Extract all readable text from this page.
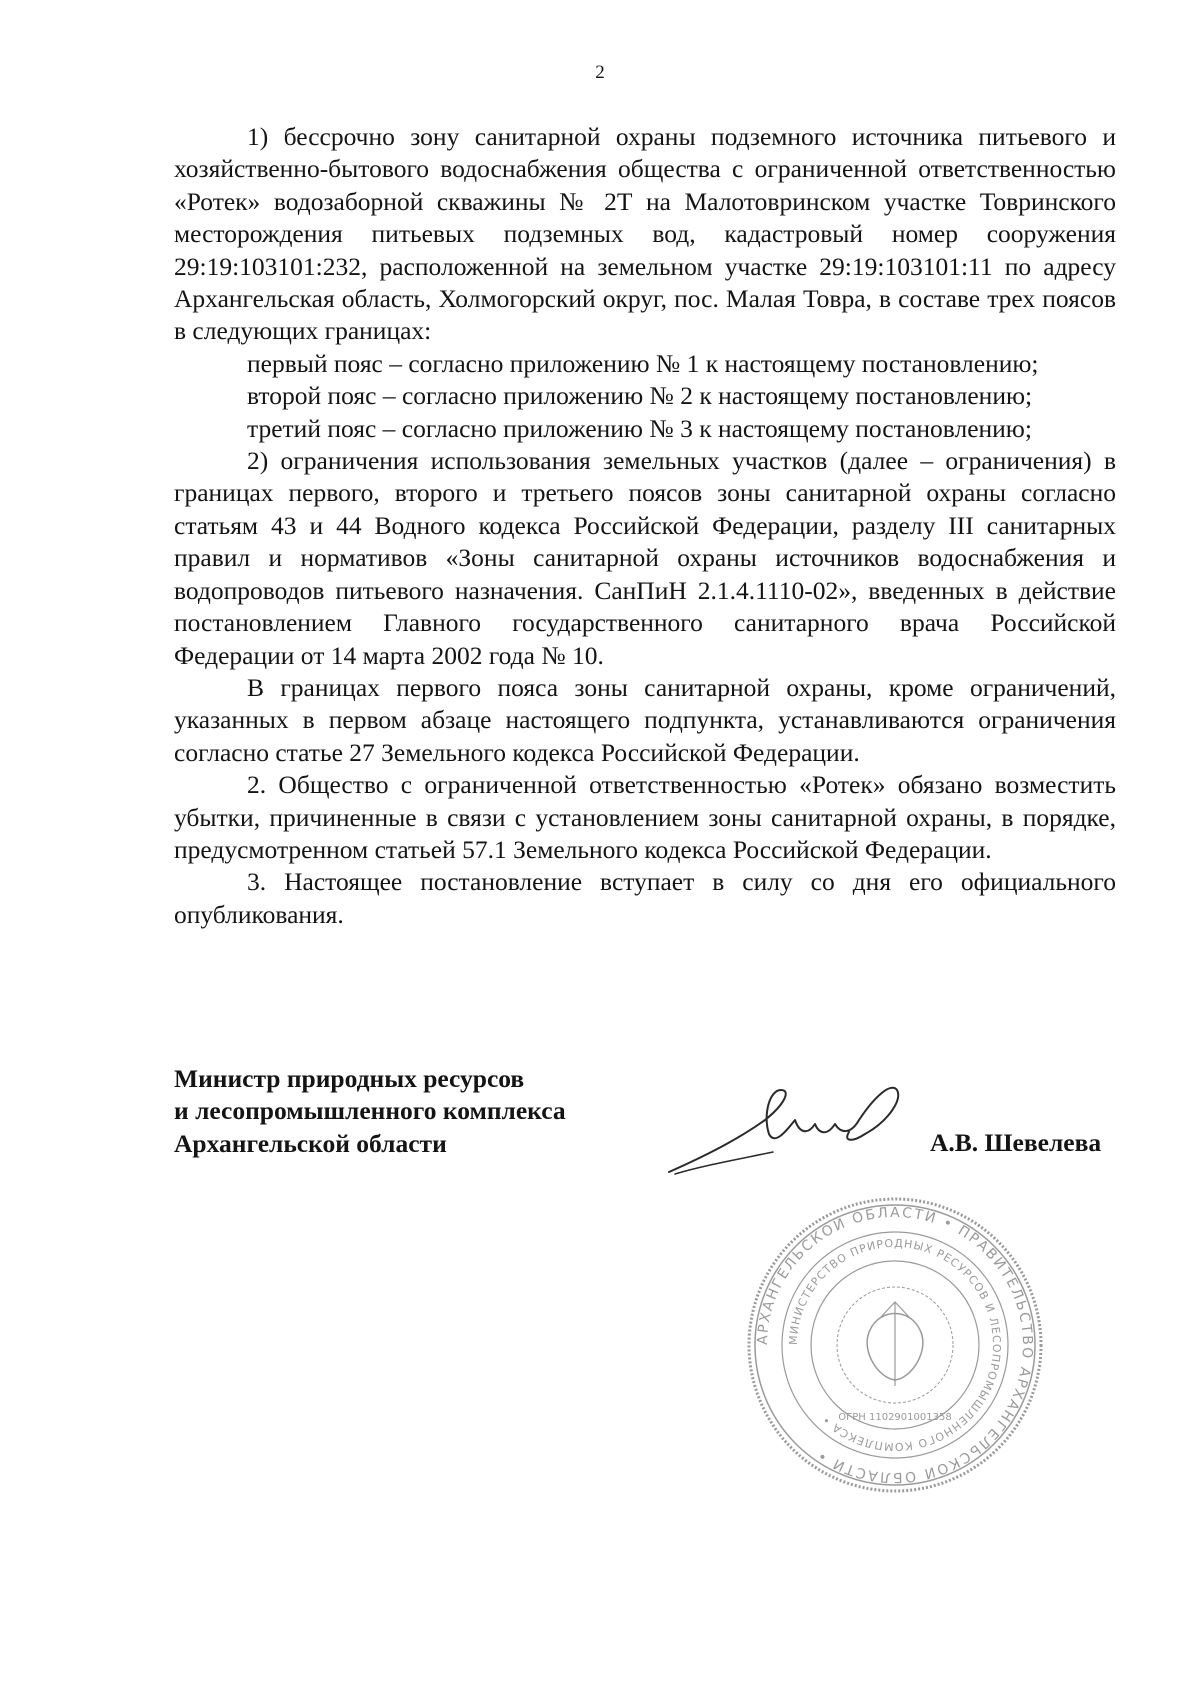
2

1) бессрочно зону санитарной охраны подземного источника питьевого и хозяйственно-бытового водоснабжения общества с ограниченной ответственностью «Ротек» водозаборной скважины № 2Т на Малотовринском участке Товринского месторождения питьевых подземных вод, кадастровый номер сооружения 29:19:103101:232, расположенной на земельном участке 29:19:103101:11 по адресу Архангельская область, Холмогорский округ, пос. Малая Товра, в составе трех поясов в следующих границах:

первый пояс – согласно приложению № 1 к настоящему постановлению;

второй пояс – согласно приложению № 2 к настоящему постановлению;

третий пояс – согласно приложению № 3 к настоящему постановлению;

2) ограничения использования земельных участков (далее – ограничения) в границах первого, второго и третьего поясов зоны санитарной охраны согласно статьям 43 и 44 Водного кодекса Российской Федерации, разделу III санитарных правил и нормативов «Зоны санитарной охраны источников водоснабжения и водопроводов питьевого назначения. СанПиН 2.1.4.1110-02», введенных в действие постановлением Главного государственного санитарного врача Российской Федерации от 14 марта 2002 года № 10.

В границах первого пояса зоны санитарной охраны, кроме ограничений, указанных в первом абзаце настоящего подпункта, устанавливаются ограничения согласно статье 27 Земельного кодекса Российской Федерации.

2. Общество с ограниченной ответственностью «Ротек» обязано возместить убытки, причиненные в связи с установлением зоны санитарной охраны, в порядке, предусмотренном статьей 57.1 Земельного кодекса Российской Федерации.

3. Настоящее постановление вступает в силу со дня его официального опубликования.

Министр природных ресурсов
и лесопромышленного комплекса
Архангельской области	А.В. Шевелева
АРХАНГЕЛЬСКОЙ ОБЛАСТИ • ПРАВИТЕЛЬСТВО АРХАНГЕЛЬСКОЙ ОБЛАСТИ •
МИНИСТЕРСТВО ПРИРОДНЫХ РЕСУРСОВ И ЛЕСОПРОМЫШЛЕННОГО КОМПЛЕКСА • ОГРН 1102901001358
